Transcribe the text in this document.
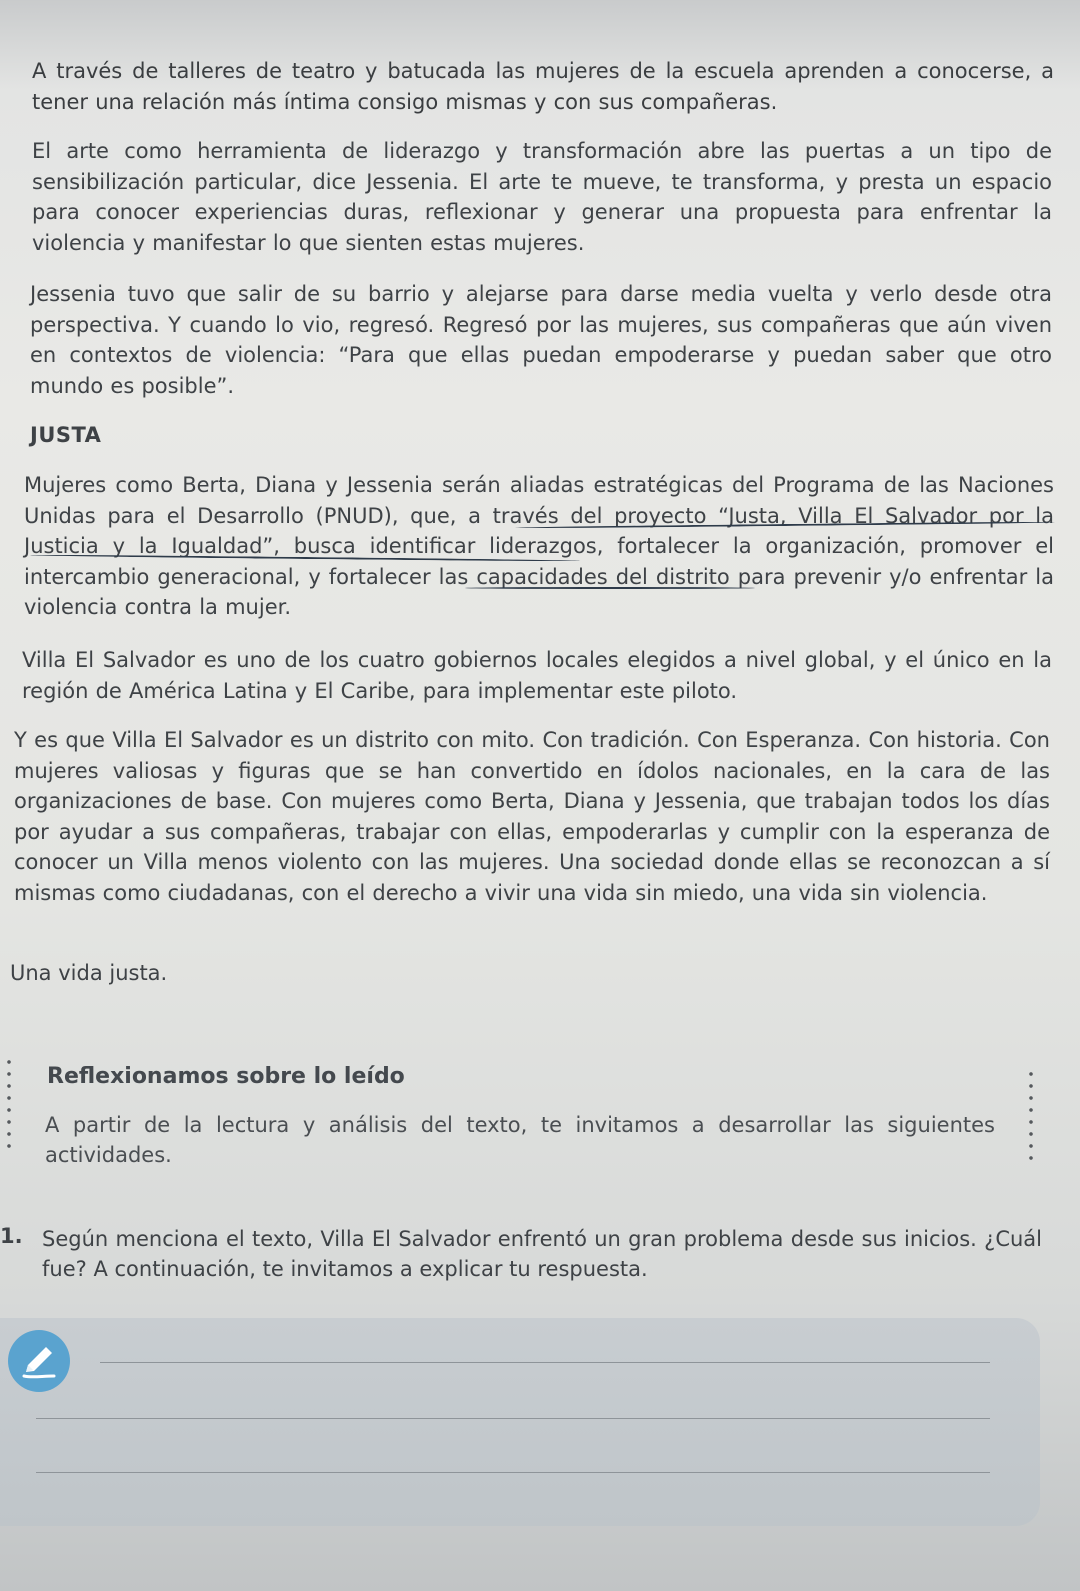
A través de talleres de teatro y batucada las mujeres de la escuela aprenden a conocerse, a tener una relación más íntima consigo mismas y con sus compañeras.

El arte como herramienta de liderazgo y transformación abre las puertas a un tipo de sensibilización particular, dice Jessenia. El arte te mueve, te transforma, y presta un espacio para conocer experiencias duras, reflexionar y generar una propuesta para enfrentar la violencia y manifestar lo que sienten estas mujeres.

Jessenia tuvo que salir de su barrio y alejarse para darse media vuelta y verlo desde otra perspectiva. Y cuando lo vio, regresó. Regresó por las mujeres, sus compañeras que aún viven en contextos de violencia: “Para que ellas puedan empoderarse y puedan saber que otro mundo es posible”.

JUSTA

Mujeres como Berta, Diana y Jessenia serán aliadas estratégicas del Programa de las Naciones Unidas para el Desarrollo (PNUD), que, a través del proyecto “Justa, Villa El Salvador por la Justicia y la Igualdad”, busca identificar liderazgos, fortalecer la organización, promover el intercambio generacional, y fortalecer las capacidades del distrito para prevenir y/o enfrentar la violencia contra la mujer.

Villa El Salvador es uno de los cuatro gobiernos locales elegidos a nivel global, y el único en la región de América Latina y El Caribe, para implementar este piloto.

Y es que Villa El Salvador es un distrito con mito. Con tradición. Con Esperanza. Con historia. Con mujeres valiosas y figuras que se han convertido en ídolos nacionales, en la cara de las organizaciones de base. Con mujeres como Berta, Diana y Jessenia, que trabajan todos los días por ayudar a sus compañeras, trabajar con ellas, empoderarlas y cumplir con la esperanza de conocer un Villa menos violento con las mujeres. Una sociedad donde ellas se reconozcan a sí mismas como ciudadanas, con el derecho a vivir una vida sin miedo, una vida sin violencia.

Una vida justa.

Reflexionamos sobre lo leído

A partir de la lectura y análisis del texto, te invitamos a desarrollar las siguientes actividades.

1. Según menciona el texto, Villa El Salvador enfrentó un gran problema desde sus inicios. ¿Cuál fue? A continuación, te invitamos a explicar tu respuesta.
